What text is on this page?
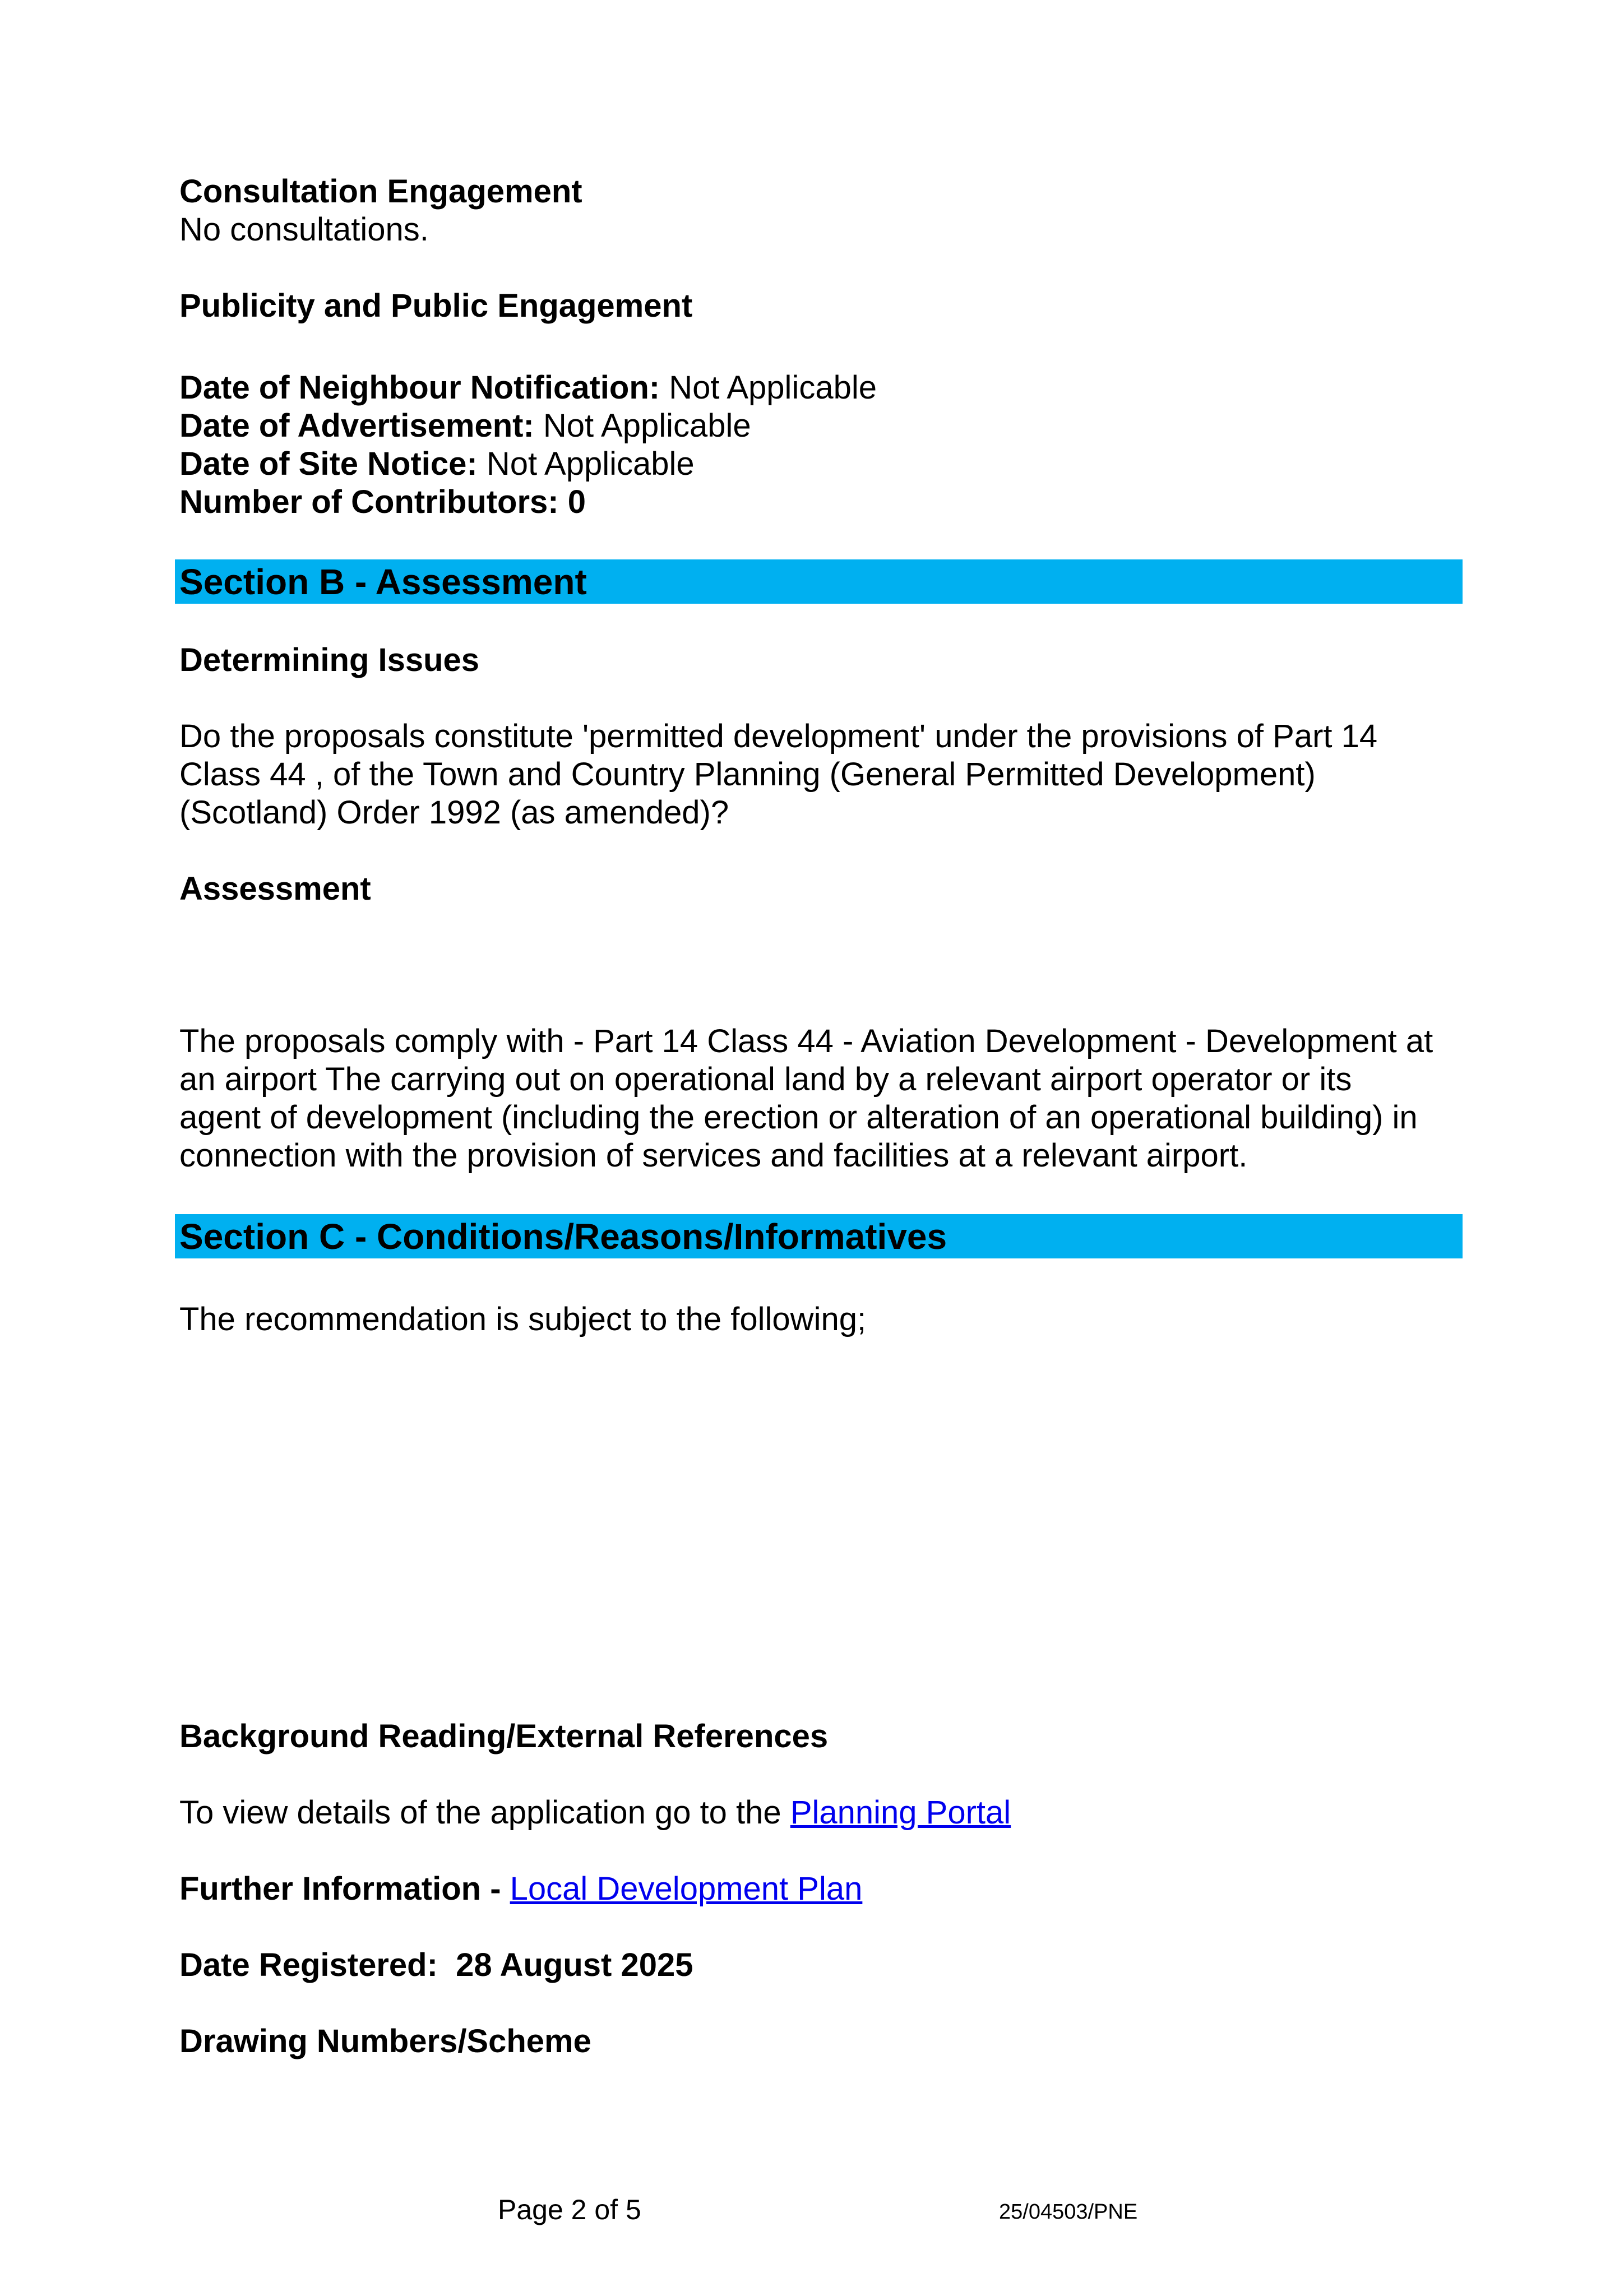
Consultation Engagement

No consultations.

Publicity and Public Engagement

Date of Neighbour Notification: Not Applicable

Date of Advertisement: Not Applicable

Date of Site Notice: Not Applicable

Number of Contributors: 0

Section B - Assessment

Determining Issues

Do the proposals constitute 'permitted development' under the provisions of Part 14
Class 44 , of the Town and Country Planning (General Permitted Development)
(Scotland) Order 1992 (as amended)?

Assessment

The proposals comply with - Part 14 Class 44 - Aviation Development - Development at
an airport The carrying out on operational land by a relevant airport operator or its
agent of development (including the erection or alteration of an operational building) in
connection with the provision of services and facilities at a relevant airport.
Section C - Conditions/Reasons/Informatives

The recommendation is subject to the following;

Background Reading/External References

To view details of the application go to the Planning Portal

Further Information - Local Development Plan

Date Registered:  28 August 2025

Drawing Numbers/Scheme

Page 2 of 5	25/04503/PNE
